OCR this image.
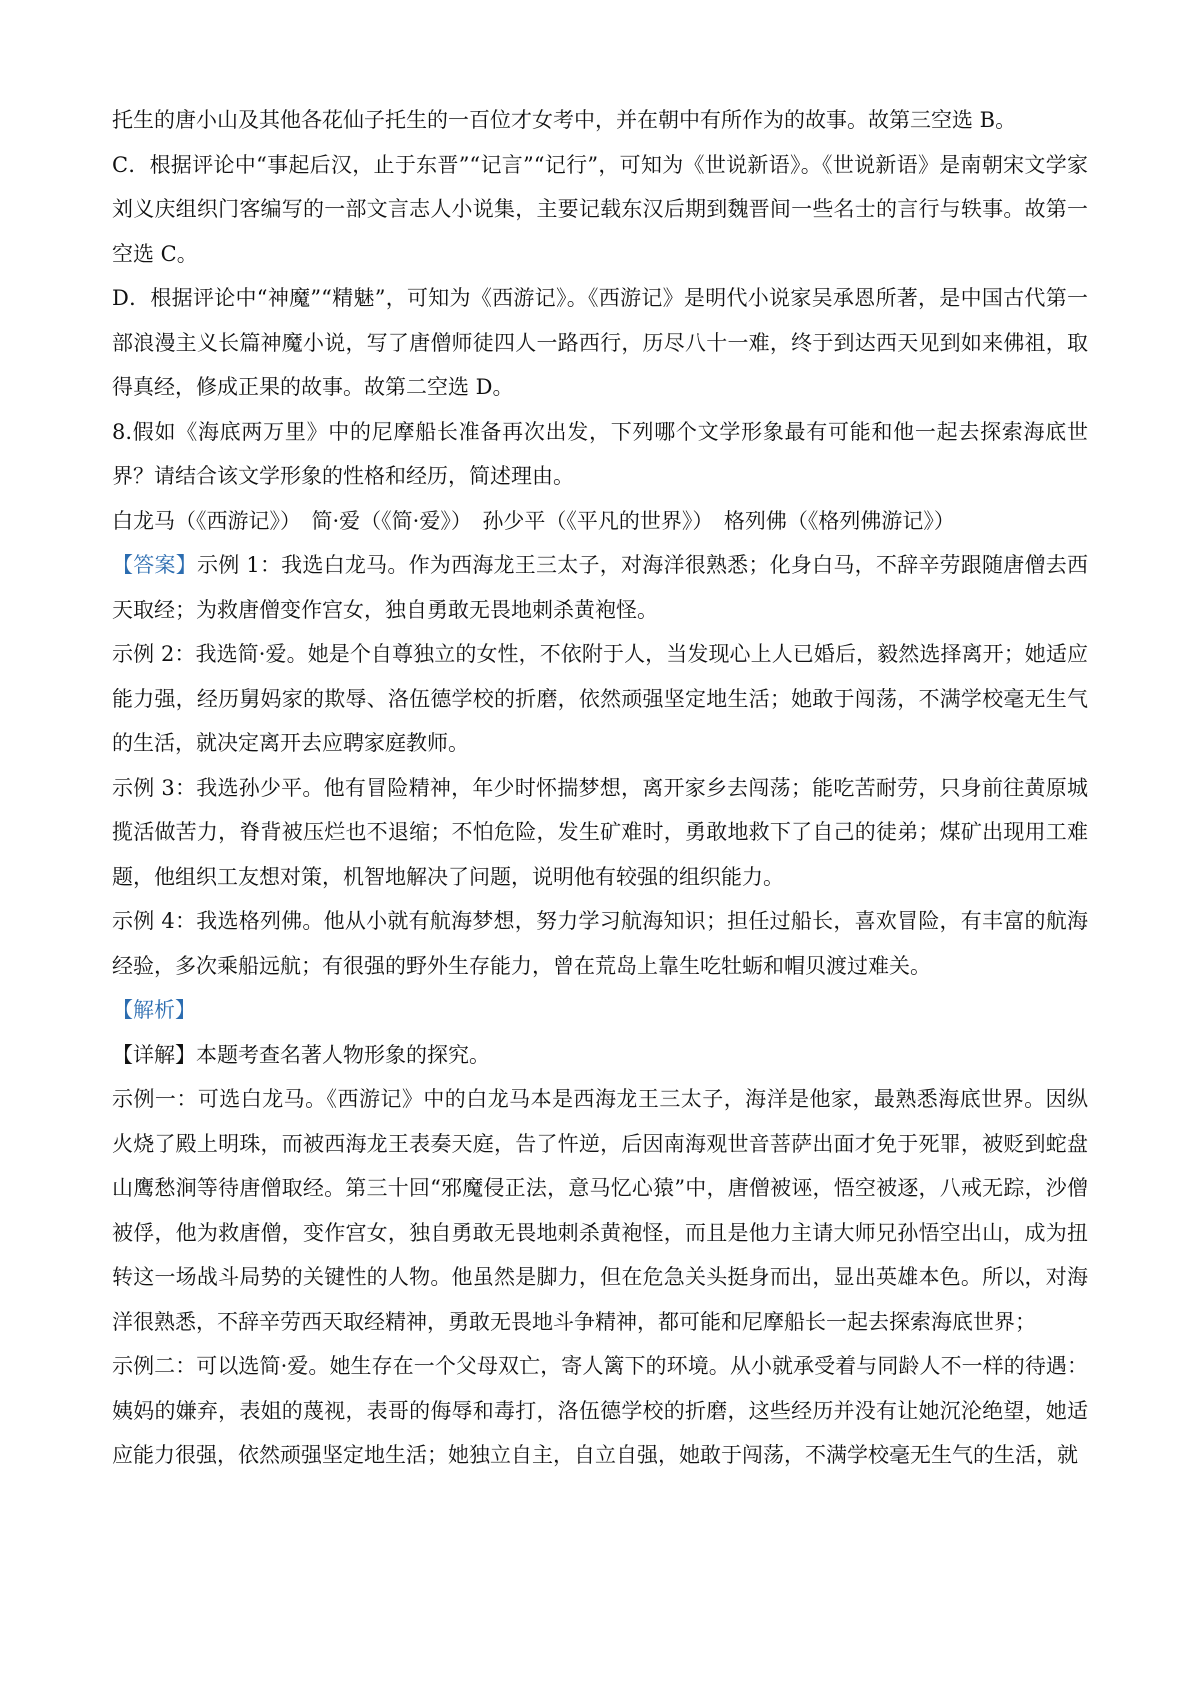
托生的唐小山及其他各花仙子托生的一百位才女考中，并在朝中有所作为的故事。故第三空选 B。

C．根据评论中“事起后汉，止于东晋”“记言”“记行”，可知为《世说新语》。《世说新语》是南朝宋文学家刘义庆组织门客编写的一部文言志人小说集，主要记载东汉后期到魏晋间一些名士的言行与轶事。故第一空选 C。

D．根据评论中“神魔”“精魅”，可知为《西游记》。《西游记》是明代小说家吴承恩所著，是中国古代第一部浪漫主义长篇神魔小说，写了唐僧师徒四人一路西行，历尽八十一难，终于到达西天见到如来佛祖，取得真经，修成正果的故事。故第二空选 D。

8.假如《海底两万里》中的尼摩船长准备再次出发，下列哪个文学形象最有可能和他一起去探索海底世界？请结合该文学形象的性格和经历，简述理由。

白龙马（《西游记》）　简·爱（《简·爱》）　孙少平（《平凡的世界》）　格列佛（《格列佛游记》）

【答案】示例 1：我选白龙马。作为西海龙王三太子，对海洋很熟悉；化身白马，不辞辛劳跟随唐僧去西天取经；为救唐僧变作宫女，独自勇敢无畏地刺杀黄袍怪。

示例 2：我选简·爱。她是个自尊独立的女性，不依附于人，当发现心上人已婚后，毅然选择离开；她适应能力强，经历舅妈家的欺辱、洛伍德学校的折磨，依然顽强坚定地生活；她敢于闯荡，不满学校毫无生气的生活，就决定离开去应聘家庭教师。

示例 3：我选孙少平。他有冒险精神，年少时怀揣梦想，离开家乡去闯荡；能吃苦耐劳，只身前往黄原城揽活做苦力，脊背被压烂也不退缩；不怕危险，发生矿难时，勇敢地救下了自己的徒弟；煤矿出现用工难题，他组织工友想对策，机智地解决了问题，说明他有较强的组织能力。

示例 4：我选格列佛。他从小就有航海梦想，努力学习航海知识；担任过船长，喜欢冒险，有丰富的航海经验，多次乘船远航；有很强的野外生存能力，曾在荒岛上靠生吃牡蛎和帽贝渡过难关。

【解析】

【详解】本题考查名著人物形象的探究。

示例一：可选白龙马。《西游记》中的白龙马本是西海龙王三太子，海洋是他家，最熟悉海底世界。因纵火烧了殿上明珠，而被西海龙王表奏天庭，告了忤逆，后因南海观世音菩萨出面才免于死罪，被贬到蛇盘山鹰愁涧等待唐僧取经。第三十回“邪魔侵正法，意马忆心猿”中，唐僧被诬，悟空被逐，八戒无踪，沙僧被俘，他为救唐僧，变作宫女，独自勇敢无畏地刺杀黄袍怪，而且是他力主请大师兄孙悟空出山，成为扭转这一场战斗局势的关键性的人物。他虽然是脚力，但在危急关头挺身而出，显出英雄本色。所以，对海洋很熟悉，不辞辛劳西天取经精神，勇敢无畏地斗争精神，都可能和尼摩船长一起去探索海底世界；

示例二：可以选简·爱。她生存在一个父母双亡，寄人篱下的环境。从小就承受着与同龄人不一样的待遇：姨妈的嫌弃，表姐的蔑视，表哥的侮辱和毒打，洛伍德学校的折磨，这些经历并没有让她沉沦绝望，她适应能力很强，依然顽强坚定地生活；她独立自主，自立自强，她敢于闯荡，不满学校毫无生气的生活，就
